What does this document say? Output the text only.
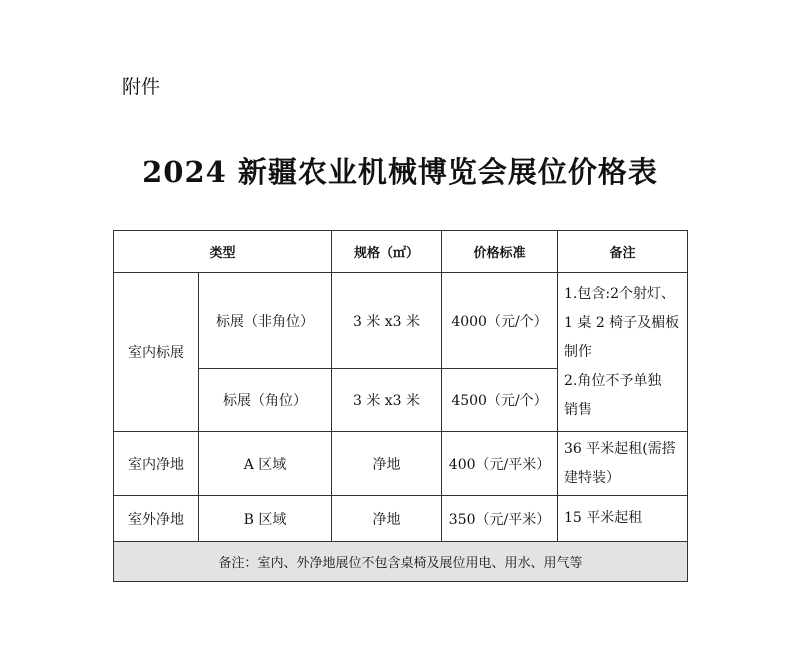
附件
2024 新疆农业机械博览会展位价格表
类型		规格（㎡）	价格标准	备注
室内标展	标展（非角位）	3 米 x3 米	4000（元/个）	1.包含:2个射灯、
1 桌 2 椅子及楣板
制作
2.角位不予单独
销售

	标展（角位）	3 米 x3 米	4500（元/个）	
室内净地	A 区域	净地	400（元/平米）	36 平米起租(需搭
建特装）

室外净地	B 区域	净地	350（元/平米）	15 平米起租
备注：室内、外净地展位不包含桌椅及展位用电、用水、用气等				
